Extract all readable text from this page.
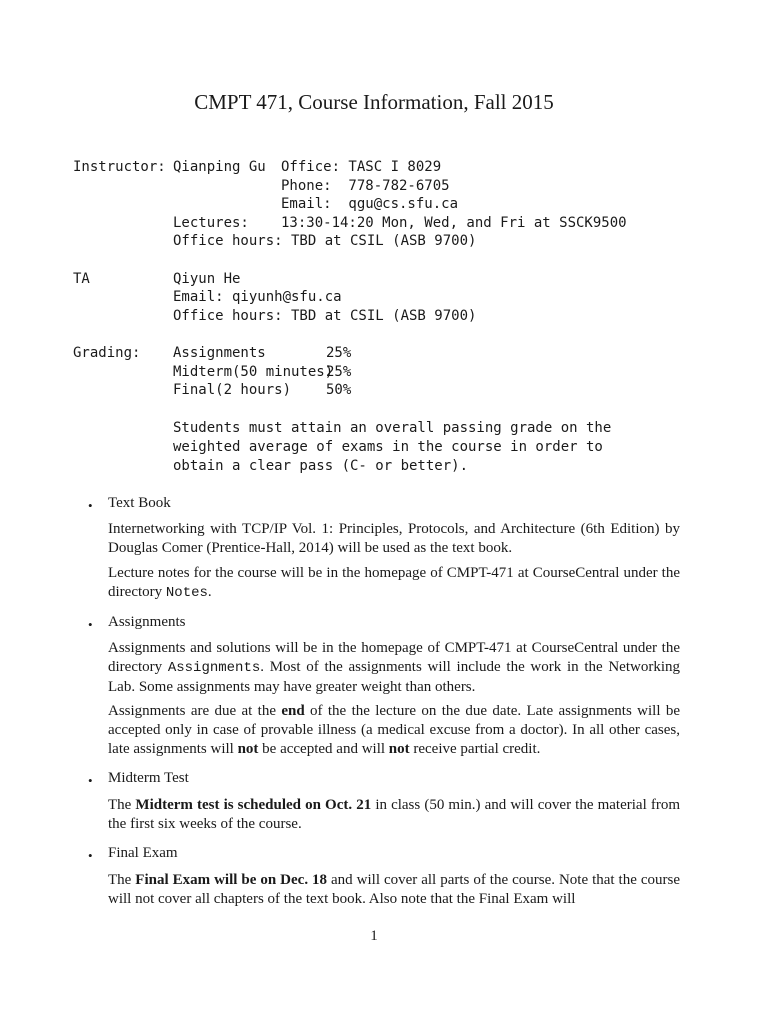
CMPT 471, Course Information, Fall 2015
Instructor: Qianping Gu Office: TASC I 8029
Phone:  778-782-6705
Email:  qgu@cs.sfu.ca
Lectures: 13:30-14:20 Mon, Wed, and Fri at SSCK9500
Office hours: TBD at CSIL (ASB 9700)
TA	Qiyun He
Email: qiyunh@sfu.ca
Office hours: TBD at CSIL (ASB 9700)
Grading: Assignments	25%
Midterm(50 minutes)
25%
Final(2 hours) 50%
Students must attain an overall passing grade on the
weighted average of exams in the course in order to
obtain a clear pass (C- or better).
• Text Book
Internetworking with TCP/IP Vol. 1: Principles, Protocols, and Architecture (6th Edition) by Douglas Comer (Prentice-Hall, 2014) will be used as the text book.
Lecture notes for the course will be in the homepage of CMPT-471 at CourseCentral under the directory Notes.
• Assignments
Assignments and solutions will be in the homepage of CMPT-471 at CourseCentral under the directory Assignments. Most of the assignments will include the work in the Networking Lab. Some assignments may have greater weight than others.
Assignments are due at the end of the the lecture on the due date. Late assignments will be accepted only in case of provable illness (a medical excuse from a doctor). In all other cases, late assignments will not be accepted and will not receive partial credit.
• Midterm Test
The Midterm test is scheduled on Oct. 21 in class (50 min.) and will cover the material from the first six weeks of the course.
• Final Exam
The Final Exam will be on Dec. 18 and will cover all parts of the course. Note that the course will not cover all chapters of the text book. Also note that the Final Exam will
1
